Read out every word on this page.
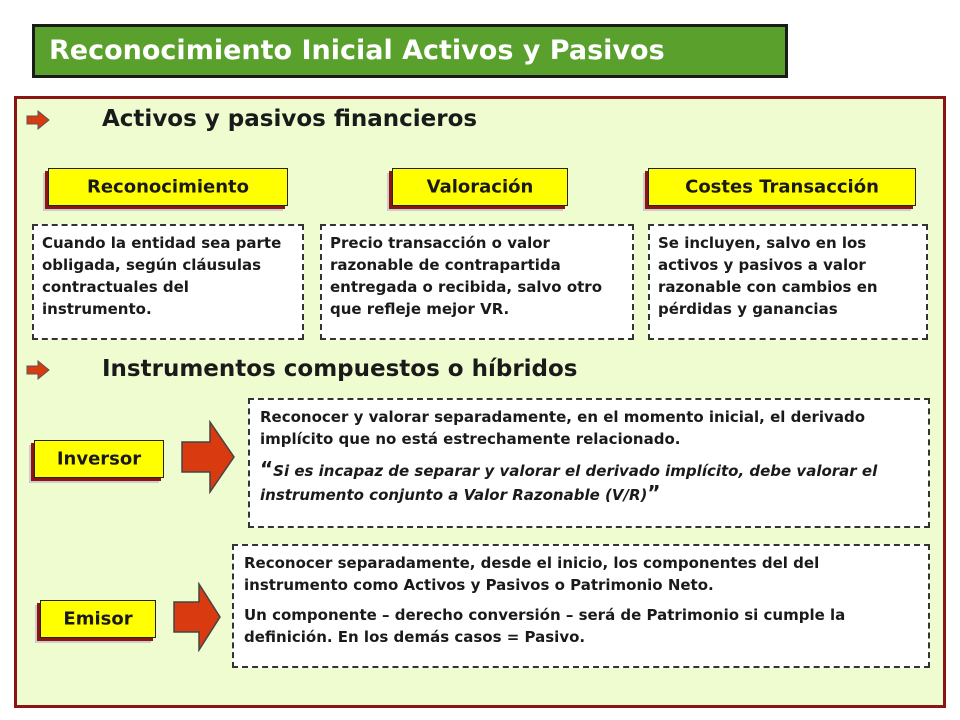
Reconocimiento Inicial Activos y Pasivos
Activos y pasivos financieros
Reconocimiento	Valoración	Costes Transacción

Cuando la entidad sea parte obligada, según cláusulas contractuales del instrumento.

Precio transacción o valor razonable de contrapartida entregada o recibida, salvo otro que refleje mejor VR.

Se incluyen, salvo en los activos y pasivos a valor razonable con cambios en pérdidas y ganancias

Instrumentos compuestos o híbridos
Inversor

Reconocer y valorar separadamente, en el momento inicial, el derivado implícito que no está estrechamente relacionado.

“Si es incapaz de separar y valorar el derivado implícito, debe valorar el instrumento conjunto a Valor Razonable (V/R)”

Emisor

Reconocer separadamente, desde el inicio, los componentes del del instrumento como Activos y Pasivos o Patrimonio Neto.

Un componente – derecho conversión – será de Patrimonio si cumple la definición. En los demás casos = Pasivo.
